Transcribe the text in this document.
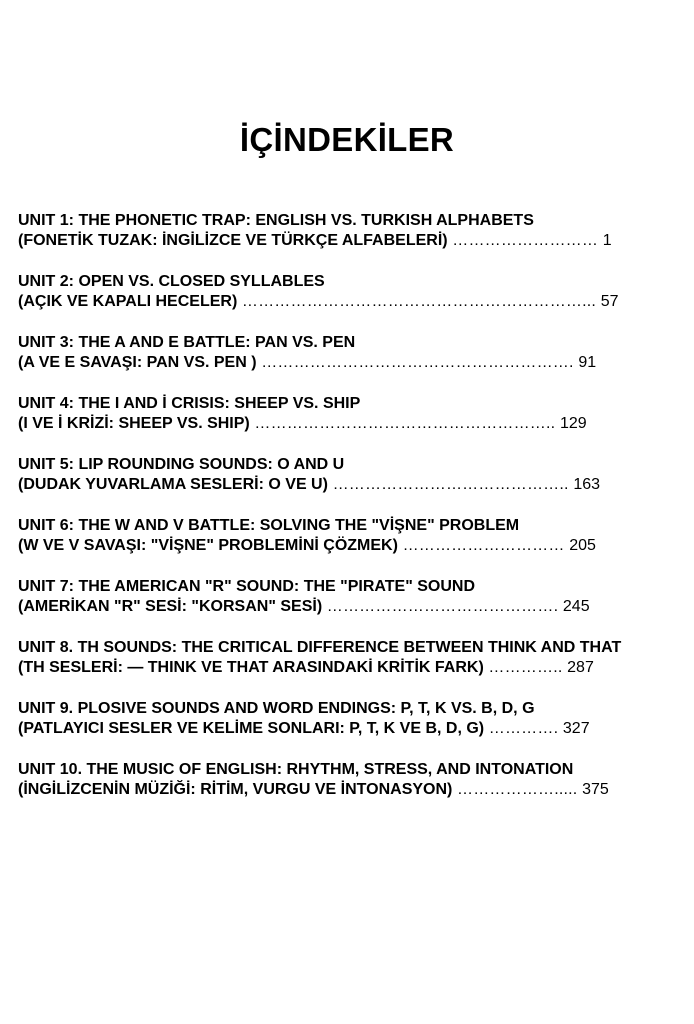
İÇİNDEKİLER
UNIT 1: THE PHONETIC TRAP: ENGLISH VS. TURKISH ALPHABETS
(FONETİK TUZAK: İNGİLİZCE VE TÜRKÇE ALFABELERİ) ……………………… 1
UNIT 2: OPEN VS. CLOSED SYLLABLES
(AÇIK VE KAPALI HECELER) ………………………………………………………... 57
UNIT 3: THE A AND E BATTLE: PAN VS. PEN
(A VE E SAVAŞI: PAN VS. PEN ) …………………………………………………. 91
UNIT 4: THE I AND İ CRISIS: SHEEP VS. SHIP
(I VE İ KRİZİ: SHEEP VS. SHIP) ……………………………………………….. 129
UNIT 5: LIP ROUNDING SOUNDS: O AND U
(DUDAK YUVARLAMA SESLERİ: O VE U) …………………………………….. 163
UNIT 6: THE W AND V BATTLE: SOLVING THE "VİŞNE" PROBLEM
(W VE V SAVAŞI: "VİŞNE" PROBLEMİNİ ÇÖZMEK) ………………………… 205
UNIT 7: THE AMERICAN "R" SOUND: THE "PIRATE" SOUND
(AMERİKAN "R" SESİ: "KORSAN" SESİ) ……………………………………. 245
UNIT 8. TH SOUNDS: THE CRITICAL DIFFERENCE BETWEEN THINK AND THAT
(TH SESLERİ: — THINK VE THAT ARASINDAKİ KRİTİK FARK) ………….. 287
UNIT 9. PLOSIVE SOUNDS AND WORD ENDINGS: P, T, K VS. B, D, G
(PATLAYICI SESLER VE KELİME SONLARI: P, T, K VE B, D, G) …………. 327
UNIT 10. THE MUSIC OF ENGLISH: RHYTHM, STRESS, AND INTONATION
(İNGİLİZCENİN MÜZİĞİ: RİTİM, VURGU VE İNTONASYON) ………………..... 375
